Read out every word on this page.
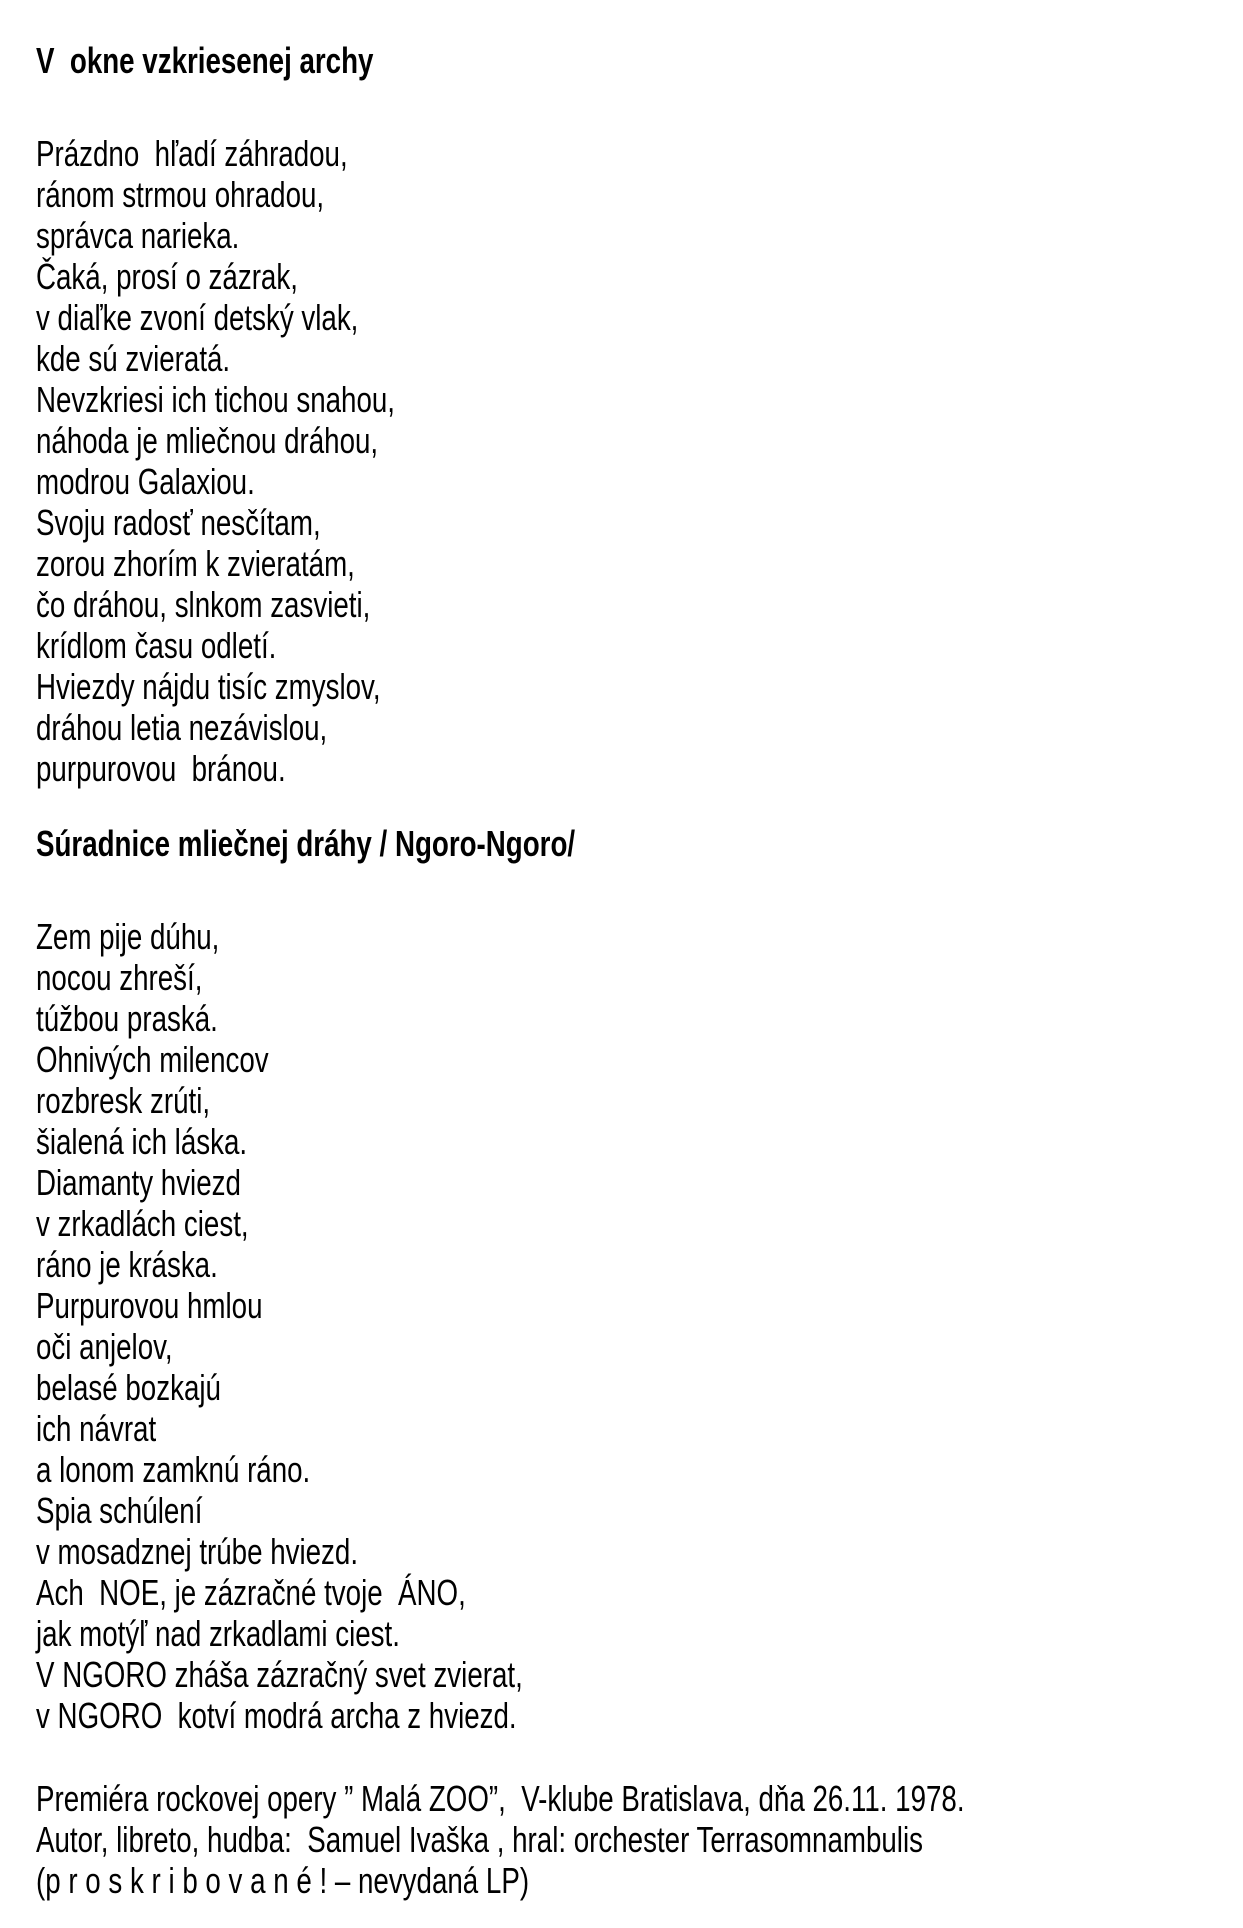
V  okne vzkriesenej archy
Prázdno  hľadí záhradou,
ránom strmou ohradou,
správca narieka.
Čaká, prosí o zázrak,
v diaľke zvoní detský vlak,
kde sú zvieratá.
Nevzkriesi ich tichou snahou,
náhoda je mliečnou dráhou,
modrou Galaxiou.
Svoju radosť nesčítam,
zorou zhorím k zvieratám,
čo dráhou, slnkom zasvieti,
krídlom času odletí.
Hviezdy nájdu tisíc zmyslov,
dráhou letia nezávislou,
purpurovou  bránou.
Súradnice mliečnej dráhy / Ngoro-Ngoro/
Zem pije dúhu,
nocou zhreší,
túžbou praská.
Ohnivých milencov
rozbresk zrúti,
šialená ich láska.
Diamanty hviezd
v zrkadlách ciest,
ráno je kráska.
Purpurovou hmlou
oči anjelov,
belasé bozkajú
ich návrat
a lonom zamknú ráno.
Spia schúlení
v mosadznej trúbe hviezd.
Ach  NOE, je zázračné tvoje  ÁNO,
jak motýľ nad zrkadlami ciest.
V NGORO zháša zázračný svet zvierat,
v NGORO  kotví modrá archa z hviezd.
Premiéra rockovej opery ” Malá ZOO”,  V-klube Bratislava, dňa 26.11. 1978.
Autor, libreto, hudba:  Samuel Ivaška , hral: orchester Terrasomnambulis
(p r o s k r i b o v a n é ! – nevydaná LP)
